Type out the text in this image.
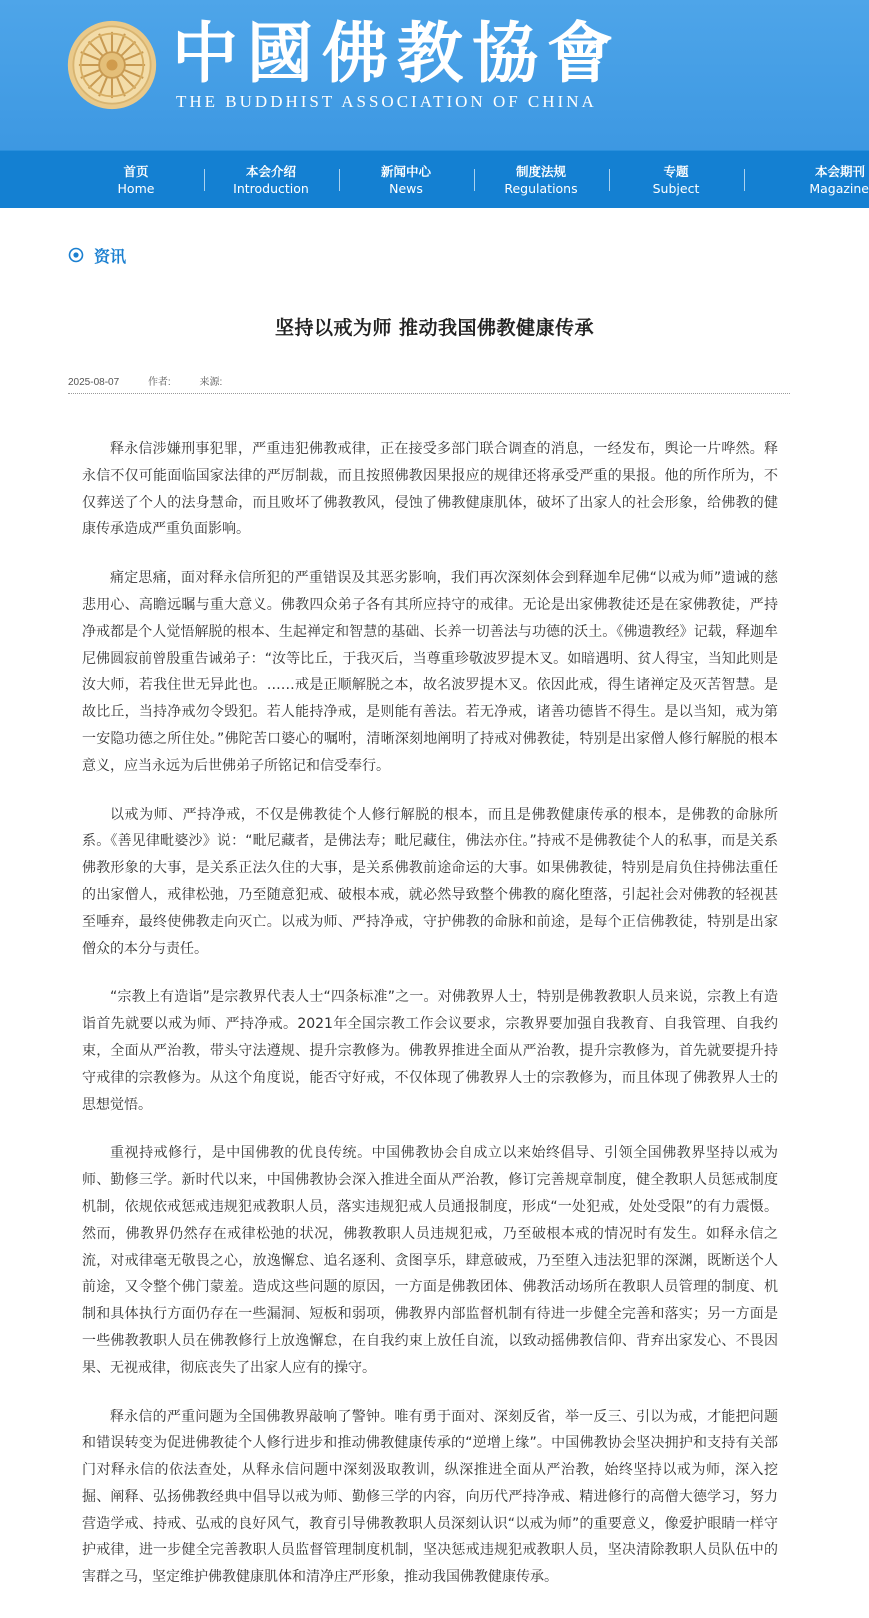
中國佛教協會
THE BUDDHIST ASSOCIATION OF CHINA
首页
Home
本会介绍
Introduction
新闻中心
News
制度法规
Regulations
专题
Subject
本会期刊
Magazine
资讯
坚持以戒为师 推动我国佛教健康传承
2025-08-07	作者:	来源:

释永信涉嫌刑事犯罪，严重违犯佛教戒律，正在接受多部门联合调查的消息，一经发布，舆论一片哗然。释永信不仅可能面临国家法律的严厉制裁，而且按照佛教因果报应的规律还将承受严重的果报。他的所作所为，不仅葬送了个人的法身慧命，而且败坏了佛教教风，侵蚀了佛教健康肌体，破坏了出家人的社会形象，给佛教的健康传承造成严重负面影响。

痛定思痛，面对释永信所犯的严重错误及其恶劣影响，我们再次深刻体会到释迦牟尼佛“以戒为师”遗诫的慈悲用心、高瞻远瞩与重大意义。佛教四众弟子各有其所应持守的戒律。无论是出家佛教徒还是在家佛教徒，严持净戒都是个人觉悟解脱的根本、生起禅定和智慧的基础、长养一切善法与功德的沃土。《佛遗教经》记载，释迦牟尼佛圆寂前曾殷重告诫弟子：“汝等比丘，于我灭后，当尊重珍敬波罗提木叉。如暗遇明、贫人得宝，当知此则是汝大师，若我住世无异此也。……戒是正顺解脱之本，故名波罗提木叉。依因此戒，得生诸禅定及灭苦智慧。是故比丘，当持净戒勿令毁犯。若人能持净戒，是则能有善法。若无净戒，诸善功德皆不得生。是以当知，戒为第一安隐功德之所住处。”佛陀苦口婆心的嘱咐，清晰深刻地阐明了持戒对佛教徒，特别是出家僧人修行解脱的根本意义，应当永远为后世佛弟子所铭记和信受奉行。

以戒为师、严持净戒，不仅是佛教徒个人修行解脱的根本，而且是佛教健康传承的根本，是佛教的命脉所系。《善见律毗婆沙》说：“毗尼藏者，是佛法寿；毗尼藏住，佛法亦住。”持戒不是佛教徒个人的私事，而是关系佛教形象的大事，是关系正法久住的大事，是关系佛教前途命运的大事。如果佛教徒，特别是肩负住持佛法重任的出家僧人，戒律松弛，乃至随意犯戒、破根本戒，就必然导致整个佛教的腐化堕落，引起社会对佛教的轻视甚至唾弃，最终使佛教走向灭亡。以戒为师、严持净戒，守护佛教的命脉和前途，是每个正信佛教徒，特别是出家僧众的本分与责任。

“宗教上有造诣”是宗教界代表人士“四条标准”之一。对佛教界人士，特别是佛教教职人员来说，宗教上有造诣首先就要以戒为师、严持净戒。2021年全国宗教工作会议要求，宗教界要加强自我教育、自我管理、自我约束，全面从严治教，带头守法遵规、提升宗教修为。佛教界推进全面从严治教，提升宗教修为，首先就要提升持守戒律的宗教修为。从这个角度说，能否守好戒，不仅体现了佛教界人士的宗教修为，而且体现了佛教界人士的思想觉悟。

重视持戒修行，是中国佛教的优良传统。中国佛教协会自成立以来始终倡导、引领全国佛教界坚持以戒为师、勤修三学。新时代以来，中国佛教协会深入推进全面从严治教，修订完善规章制度，健全教职人员惩戒制度机制，依规依戒惩戒违规犯戒教职人员，落实违规犯戒人员通报制度，形成“一处犯戒，处处受限”的有力震慑。然而，佛教界仍然存在戒律松弛的状况，佛教教职人员违规犯戒，乃至破根本戒的情况时有发生。如释永信之流，对戒律毫无敬畏之心，放逸懈怠、追名逐利、贪图享乐，肆意破戒，乃至堕入违法犯罪的深渊，既断送个人前途，又令整个佛门蒙羞。造成这些问题的原因，一方面是佛教团体、佛教活动场所在教职人员管理的制度、机制和具体执行方面仍存在一些漏洞、短板和弱项，佛教界内部监督机制有待进一步健全完善和落实；另一方面是一些佛教教职人员在佛教修行上放逸懈怠，在自我约束上放任自流，以致动摇佛教信仰、背弃出家发心、不畏因果、无视戒律，彻底丧失了出家人应有的操守。

释永信的严重问题为全国佛教界敲响了警钟。唯有勇于面对、深刻反省，举一反三、引以为戒，才能把问题和错误转变为促进佛教徒个人修行进步和推动佛教健康传承的“逆增上缘”。中国佛教协会坚决拥护和支持有关部门对释永信的依法查处，从释永信问题中深刻汲取教训，纵深推进全面从严治教，始终坚持以戒为师，深入挖掘、阐释、弘扬佛教经典中倡导以戒为师、勤修三学的内容，向历代严持净戒、精进修行的高僧大德学习，努力营造学戒、持戒、弘戒的良好风气，教育引导佛教教职人员深刻认识“以戒为师”的重要意义，像爱护眼睛一样守护戒律，进一步健全完善教职人员监督管理制度机制，坚决惩戒违规犯戒教职人员，坚决清除教职人员队伍中的害群之马，坚定维护佛教健康肌体和清净庄严形象，推动我国佛教健康传承。
